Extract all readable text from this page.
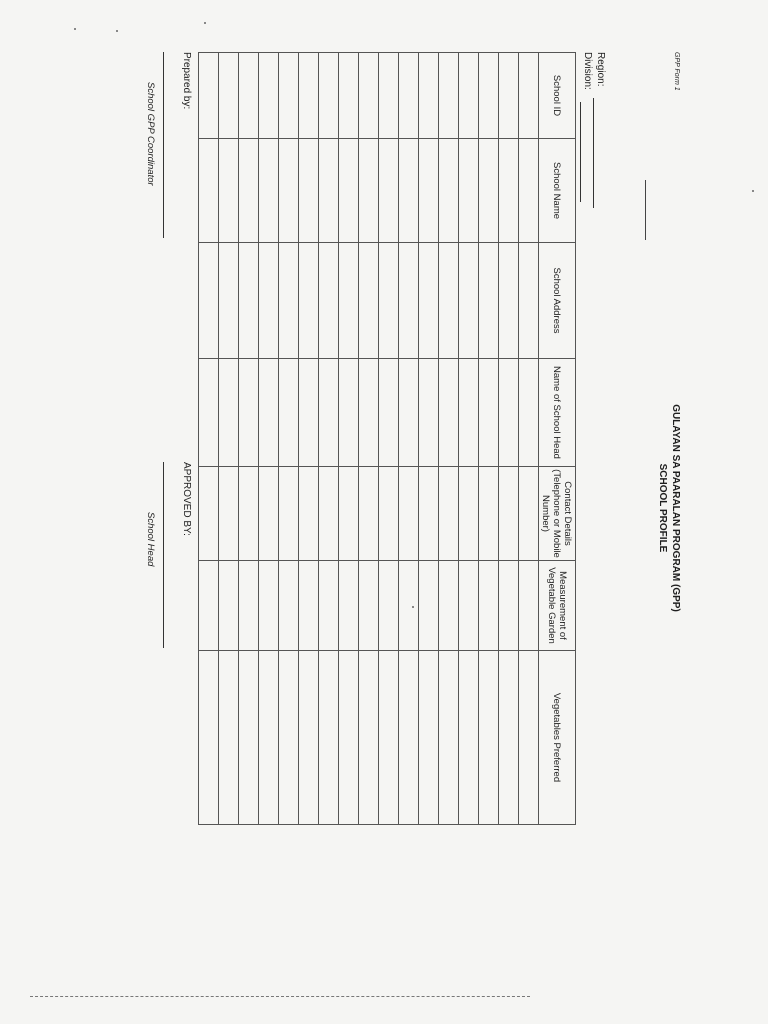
GPP Form 1
GULAYAN SA PAARALAN PROGRAM (GPP)
SCHOOL PROFILE
Region:
Division:
School ID	School Name	School Address	Name of School Head	Contact Details (Telephone or Mobile Number)	Measurement of Vegetable Garden	Vegetables Preferred

Prepared by:
School GPP Coordinator
APPROVED BY:
School Head
